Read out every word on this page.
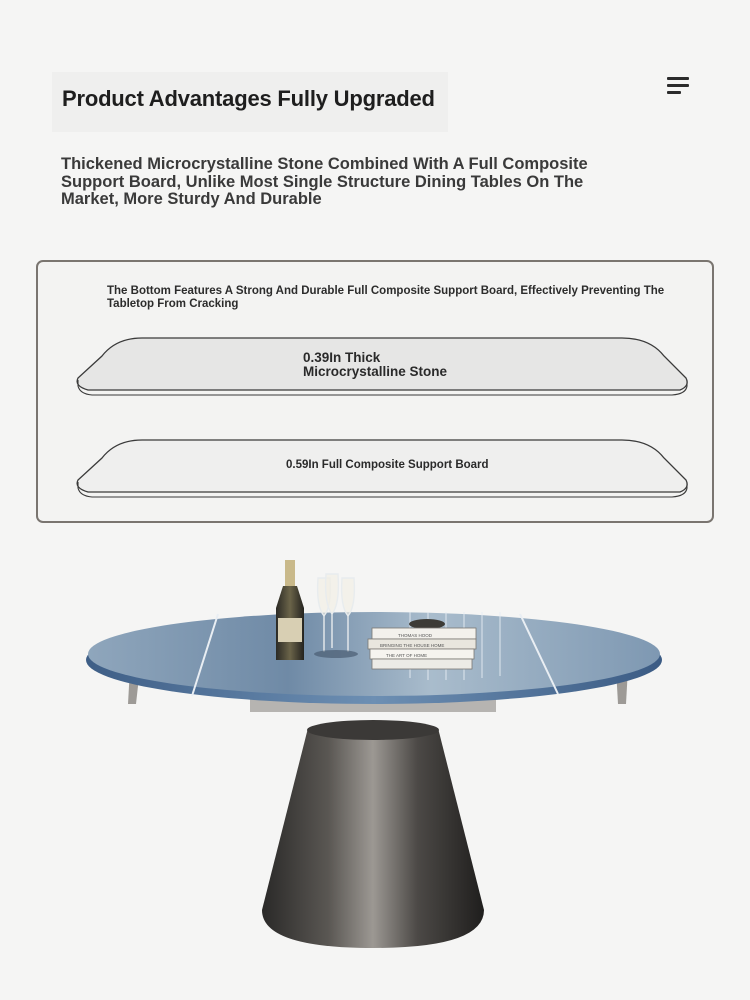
Product Advantages Fully Upgraded
Thickened Microcrystalline Stone Combined With A Full Composite Support Board, Unlike Most Single Structure Dining Tables On The Market, More Sturdy And Durable
The Bottom Features A Strong And Durable Full Composite Support Board, Effectively Preventing The Tabletop From Cracking
0.39In Thick
Microcrystalline Stone
0.59In Full Composite Support Board
THOMAS HOOD
BRINGING THE HOUSE HOME
THE ART OF HOME
